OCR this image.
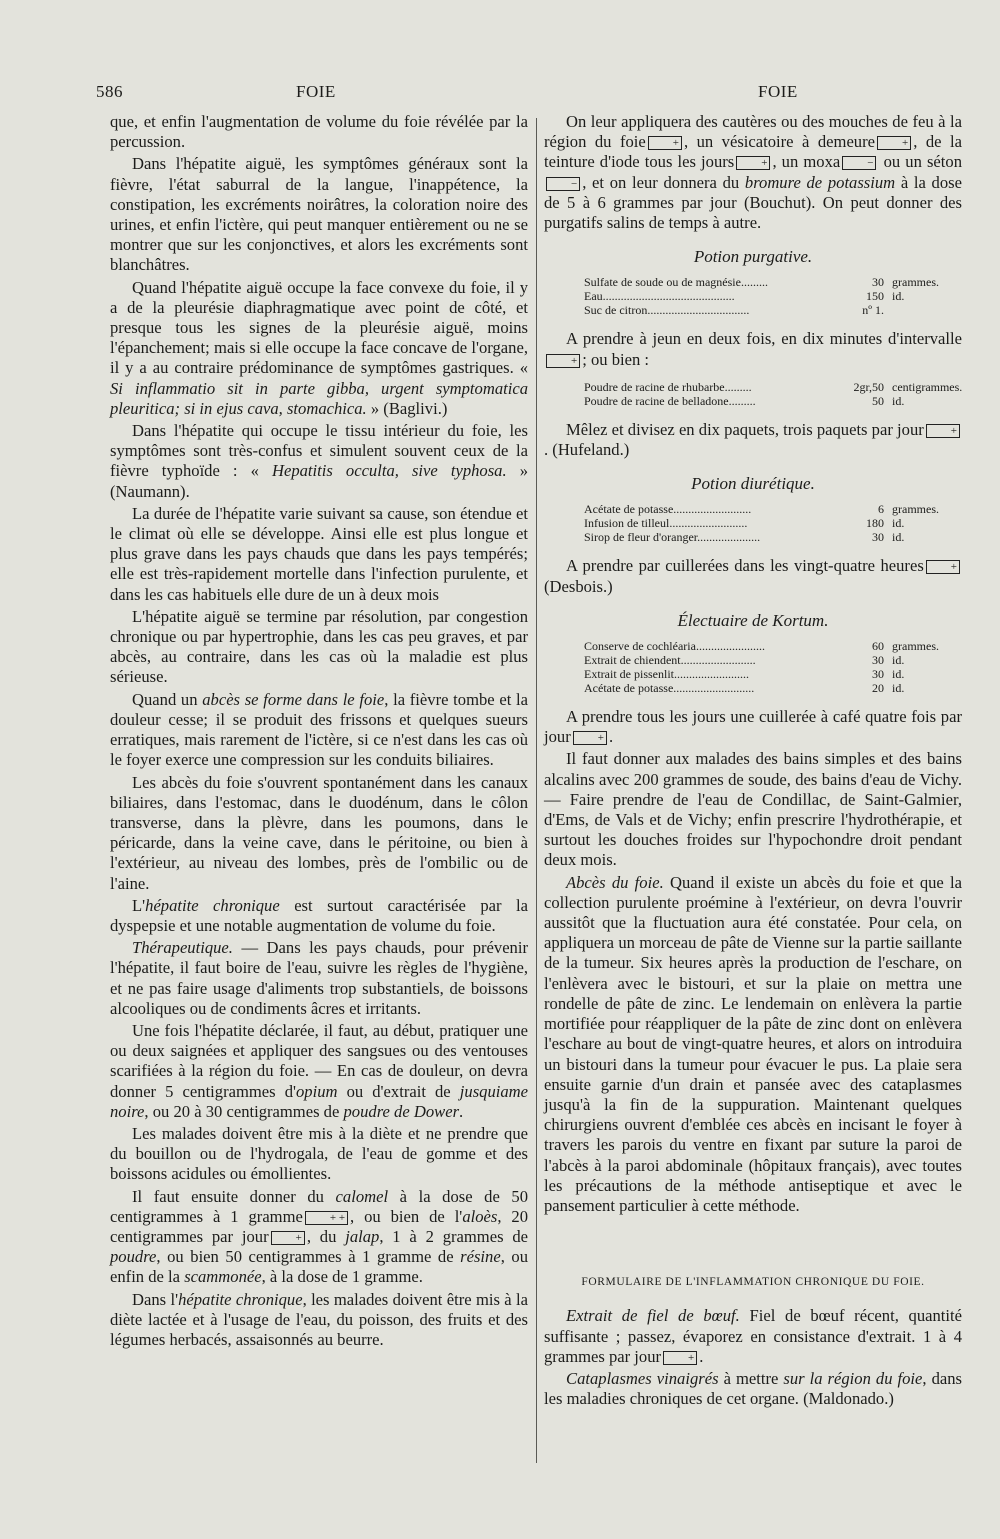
586	FOIE	FOIE

que, et enfin l'augmentation de volume du foie révélée par la percussion.

Dans l'hépatite aiguë, les symptômes généraux sont la fièvre, l'état saburral de la langue, l'inappétence, la constipation, les excréments noirâtres, la coloration noire des urines, et enfin l'ictère, qui peut manquer entièrement ou ne se montrer que sur les conjonctives, et alors les excréments sont blanchâtres.

Quand l'hépatite aiguë occupe la face convexe du foie, il y a de la pleurésie diaphragmatique avec point de côté, et presque tous les signes de la pleurésie aiguë, moins l'épanchement; mais si elle occupe la face concave de l'organe, il y a au contraire prédominance de symptômes gastriques. « Si inflammatio sit in parte gibba, urgent symptomatica pleuritica; si in ejus cava, stomachica. » (Baglivi.)

Dans l'hépatite qui occupe le tissu intérieur du foie, les symptômes sont très-confus et simulent souvent ceux de la fièvre typhoïde : « Hepatitis occulta, sive typhosa. » (Naumann).

La durée de l'hépatite varie suivant sa cause, son étendue et le climat où elle se développe. Ainsi elle est plus longue et plus grave dans les pays chauds que dans les pays tempérés; elle est très-rapidement mortelle dans l'infection purulente, et dans les cas habituels elle dure de un à deux mois

L'hépatite aiguë se termine par résolution, par congestion chronique ou par hypertrophie, dans les cas peu graves, et par abcès, au contraire, dans les cas où la maladie est plus sérieuse.

Quand un abcès se forme dans le foie, la fièvre tombe et la douleur cesse; il se produit des frissons et quelques sueurs erratiques, mais rarement de l'ictère, si ce n'est dans les cas où le foyer exerce une compression sur les conduits biliaires.

Les abcès du foie s'ouvrent spontanément dans les canaux biliaires, dans l'estomac, dans le duodénum, dans le côlon transverse, dans la plèvre, dans les poumons, dans le péricarde, dans la veine cave, dans le péritoine, ou bien à l'extérieur, au niveau des lombes, près de l'ombilic ou de l'aine.

L'hépatite chronique est surtout caractérisée par la dyspepsie et une notable augmentation de volume du foie.

Thérapeutique. — Dans les pays chauds, pour prévenir l'hépatite, il faut boire de l'eau, suivre les règles de l'hygiène, et ne pas faire usage d'aliments trop substantiels, de boissons alcooliques ou de condiments âcres et irritants.

Une fois l'hépatite déclarée, il faut, au début, pratiquer une ou deux saignées et appliquer des sangsues ou des ventouses scarifiées à la région du foie. — En cas de douleur, on devra donner 5 centigrammes d'opium ou d'extrait de jusquiame noire, ou 20 à 30 centigrammes de poudre de Dower.

Les malades doivent être mis à la diète et ne prendre que du bouillon ou de l'hydrogala, de l'eau de gomme et des boissons acidules ou émollientes.

Il faut ensuite donner du calomel à la dose de 50 centigrammes à 1 gramme + + , ou bien de l'aloès, 20 centigrammes par jour + , du jalap, 1 à 2 grammes de poudre, ou bien 50 centigrammes à 1 gramme de résine, ou enfin de la scammonée, à la dose de 1 gramme.

Dans l'hépatite chronique, les malades doivent être mis à la diète lactée et à l'usage de l'eau, du poisson, des fruits et des légumes herbacés, assaisonnés au beurre.

On leur appliquera des cautères ou des mouches de feu à la région du foie + , un vésicatoire à demeure + , de la teinture d'iode tous les jours + , un moxa − ou un séton− , et on leur donnera du bromure de potassium à la dose de 5 à 6 grammes par jour (Bouchut). On peut donner des purgatifs salins de temps à autre.

Potion purgative.
Sulfate de soude ou de magnésie.........	30 grammes.
Eau............................................	150 id.
Suc de citron..................................	nº 1.

A prendre à jeun en deux fois, en dix minutes d'intervalle+ ; ou bien :

Poudre de racine de rhubarbe.........	2gr,50 centigrammes.
Poudre de racine de belladone.........	50 id.

Mêlez et divisez en dix paquets, trois paquets par jour +. (Hufeland.)

Potion diurétique.
Acétate de potasse..........................	6 grammes.
Infusion de tilleul..........................	180 id.
Sirop de fleur d'oranger.....................	30 id.

A prendre par cuillerées dans les vingt-quatre heures + (Desbois.)

Électuaire de Kortum.
Conserve de cochléaria.......................	60 grammes.
Extrait de chiendent.........................	30 id.
Extrait de pissenlit.........................	30 id.
Acétate de potasse...........................	20 id.

A prendre tous les jours une cuillerée à café quatre fois par jour + .

Il faut donner aux malades des bains simples et des bains alcalins avec 200 grammes de soude, des bains d'eau de Vichy. — Faire prendre de l'eau de Condillac, de Saint-Galmier, d'Ems, de Vals et de Vichy; enfin prescrire l'hydrothérapie, et surtout les douches froides sur l'hypochondre droit pendant deux mois.

Abcès du foie. Quand il existe un abcès du foie et que la collection purulente proémine à l'extérieur, on devra l'ouvrir aussitôt que la fluctuation aura été constatée. Pour cela, on appliquera un morceau de pâte de Vienne sur la partie saillante de la tumeur. Six heures après la production de l'eschare, on l'enlèvera avec le bistouri, et sur la plaie on mettra une rondelle de pâte de zinc. Le lendemain on enlèvera la partie mortifiée pour réappliquer de la pâte de zinc dont on enlèvera l'eschare au bout de vingt-quatre heures, et alors on introduira un bistouri dans la tumeur pour évacuer le pus. La plaie sera ensuite garnie d'un drain et pansée avec des cataplasmes jusqu'à la fin de la suppuration. Maintenant quelques chirurgiens ouvrent d'emblée ces abcès en incisant le foyer à travers les parois du ventre en fixant par suture la paroi de l'abcès à la paroi abdominale (hôpitaux français), avec toutes les précautions de la méthode antiseptique et avec le pansement particulier à cette méthode.

FORMULAIRE DE L'INFLAMMATION CHRONIQUE DU FOIE.

Extrait de fiel de bœuf. Fiel de bœuf récent, quantité suffisante ; passez, évaporez en consistance d'extrait. 1 à 4 grammes par jour + .

Cataplasmes vinaigrés à mettre sur la région du foie, dans les maladies chroniques de cet organe. (Maldonado.)
